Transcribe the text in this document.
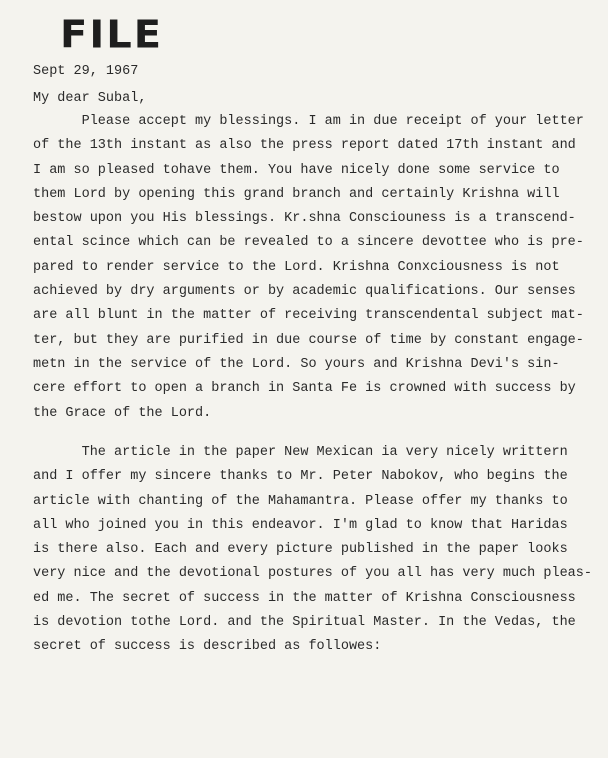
FILE
Sept 29, 1967
My dear Subal,
Please accept my blessings. I am in due receipt of your letter
of the 13th instant as also the press report dated 17th instant and
I am so pleased tohave them. You have nicely done some service to
them Lord by opening this grand branch and certainly Krishna will
bestow upon you His blessings. Kr.shna Consciouness is a transcend-
ental scince which can be revealed to a sincere devottee who is pre-
pared to render service to the Lord. Krishna Conxciousness is not
achieved by dry arguments or by academic qualifications. Our senses
are all blunt in the matter of receiving transcendental subject mat-
ter, but they are purified in due course of time by constant engage-
metn in the service of the Lord. So yours and Krishna Devi's sin-
cere effort to open a branch in Santa Fe is crowned with success by
the Grace of the Lord.
The article in the paper New Mexican ia very nicely writtern
and I offer my sincere thanks to Mr. Peter Nabokov, who begins the
article with chanting of the Mahamantra. Please offer my thanks to
all who joined you in this endeavor. I'm glad to know that Haridas
is there also. Each and every picture published in the paper looks
very nice and the devotional postures of you all has very much pleas-
ed me. The secret of success in the matter of Krishna Consciousness
is devotion tothe Lord. and the Spiritual Master. In the Vedas, the
secret of success is described as followes:
